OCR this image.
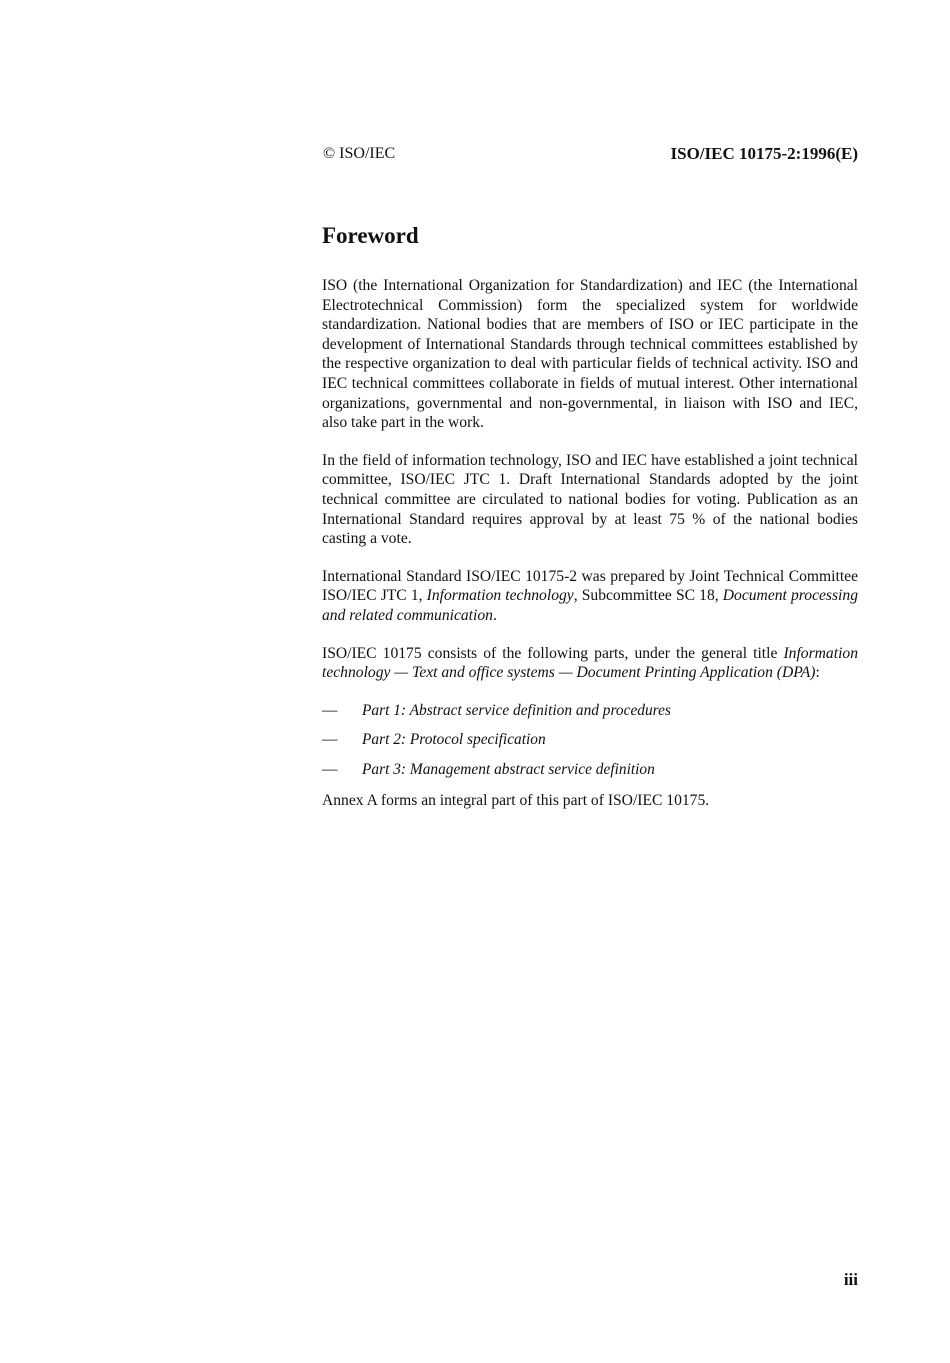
© ISO/IEC	ISO/IEC 10175-2:1996(E)
Foreword

ISO (the International Organization for Standardization) and IEC (the International Electrotechnical Commission) form the specialized system for worldwide standardization. National bodies that are members of ISO or IEC participate in the development of International Standards through technical committees established by the respective organization to deal with particular fields of technical activity. ISO and IEC technical committees collaborate in fields of mutual interest. Other international organizations, governmental and non-governmental, in liaison with ISO and IEC, also take part in the work.

In the field of information technology, ISO and IEC have established a joint technical committee, ISO/IEC JTC 1. Draft International Standards adopted by the joint technical committee are circulated to national bodies for voting. Publication as an International Standard requires approval by at least 75 % of the national bodies casting a vote.

International Standard ISO/IEC 10175-2 was prepared by Joint Technical Committee ISO/IEC JTC 1, Information technology, Subcommittee SC 18, Document processing and related communication.

ISO/IEC 10175 consists of the following parts, under the general title Information technology — Text and office systems — Document Printing Application (DPA):

—	Part 1: Abstract service definition and procedures
—	Part 2: Protocol specification
—	Part 3: Management abstract service definition

Annex A forms an integral part of this part of ISO/IEC 10175.

iii
